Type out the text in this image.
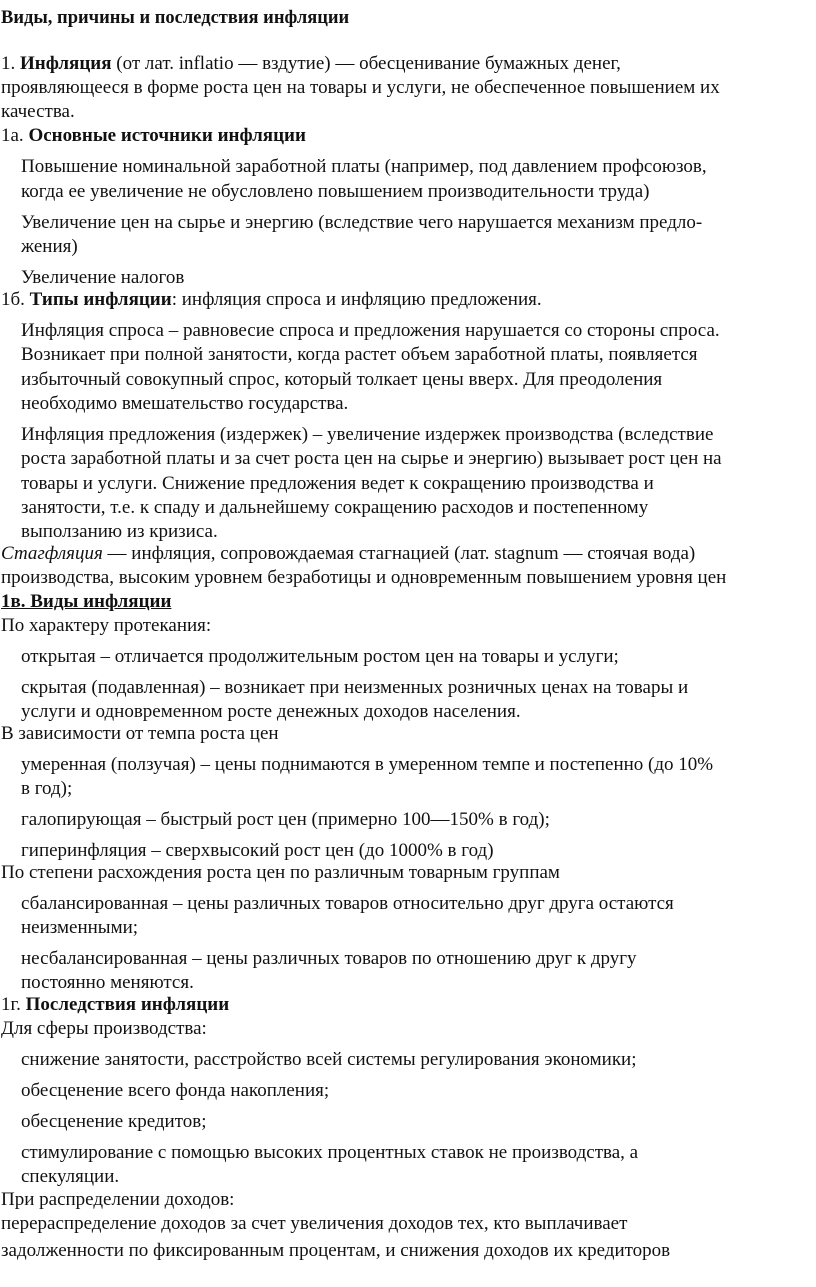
Виды, причины и последствия инфляции
1. Инфляция (от лат. inflatio — вздутие) — обесценивание бумажных денег,
проявляющееся в форме роста цен на товары и услуги, не обеспеченное повышением их
качества.
1а. Основные источники инфляции
Повышение номинальной заработной платы (например, под давлением профсоюзов,
когда ее увеличение не обусловлено повышением производительности труда)
Увеличение цен на сырье и энергию (вследствие чего нарушается механизм предло-
жения)
Увеличение налогов
1б. Типы инфляции: инфляция спроса и инфляцию предложения.
Инфляция спроса – равновесие спроса и предложения нарушается со стороны спроса.
Возникает при полной занятости, когда растет объем заработной платы, появляется
избыточный совокупный спрос, который толкает цены вверх. Для преодоления
необходимо вмешательство государства.
Инфляция предложения (издержек) – увеличение издержек производства (вследствие
роста заработной платы и за счет роста цен на сырье и энергию) вызывает рост цен на
товары и услуги. Снижение предложения ведет к сокращению производства и
занятости, т.е. к спаду и дальнейшему сокращению расходов и постепенному
выползанию из кризиса.
Стагфляция — инфляция, сопровождаемая стагнацией (лат. stagnum — стоячая вода)
производства, высоким уровнем безработицы и одновременным повышением уровня цен
1в. Виды инфляции
По характеру протекания:
открытая – отличается продолжительным ростом цен на товары и услуги;
скрытая (подавленная) – возникает при неизменных розничных ценах на товары и
услуги и одновременном росте денежных доходов населения.
В зависимости от темпа роста цен
умеренная (ползучая) – цены поднимаются в умеренном темпе и постепенно (до 10%
в год);
галопирующая – быстрый рост цен (примерно 100—150% в год);
гиперинфляция – сверхвысокий рост цен (до 1000% в год)
По степени расхождения роста цен по различным товарным группам
сбалансированная – цены различных товаров относительно друг друга остаются
неизменными;
несбалансированная – цены различных товаров по отношению друг к другу
постоянно меняются.
1г. Последствия инфляции
Для сферы производства:
снижение занятости, расстройство всей системы регулирования экономики;
обесценение всего фонда накопления;
обесценение кредитов;
стимулирование с помощью высоких процентных ставок не производства, а
спекуляции.
При распределении доходов:
перераспределение доходов за счет увеличения доходов тех, кто выплачивает
задолженности по фиксированным процентам, и снижения доходов их кредиторов
